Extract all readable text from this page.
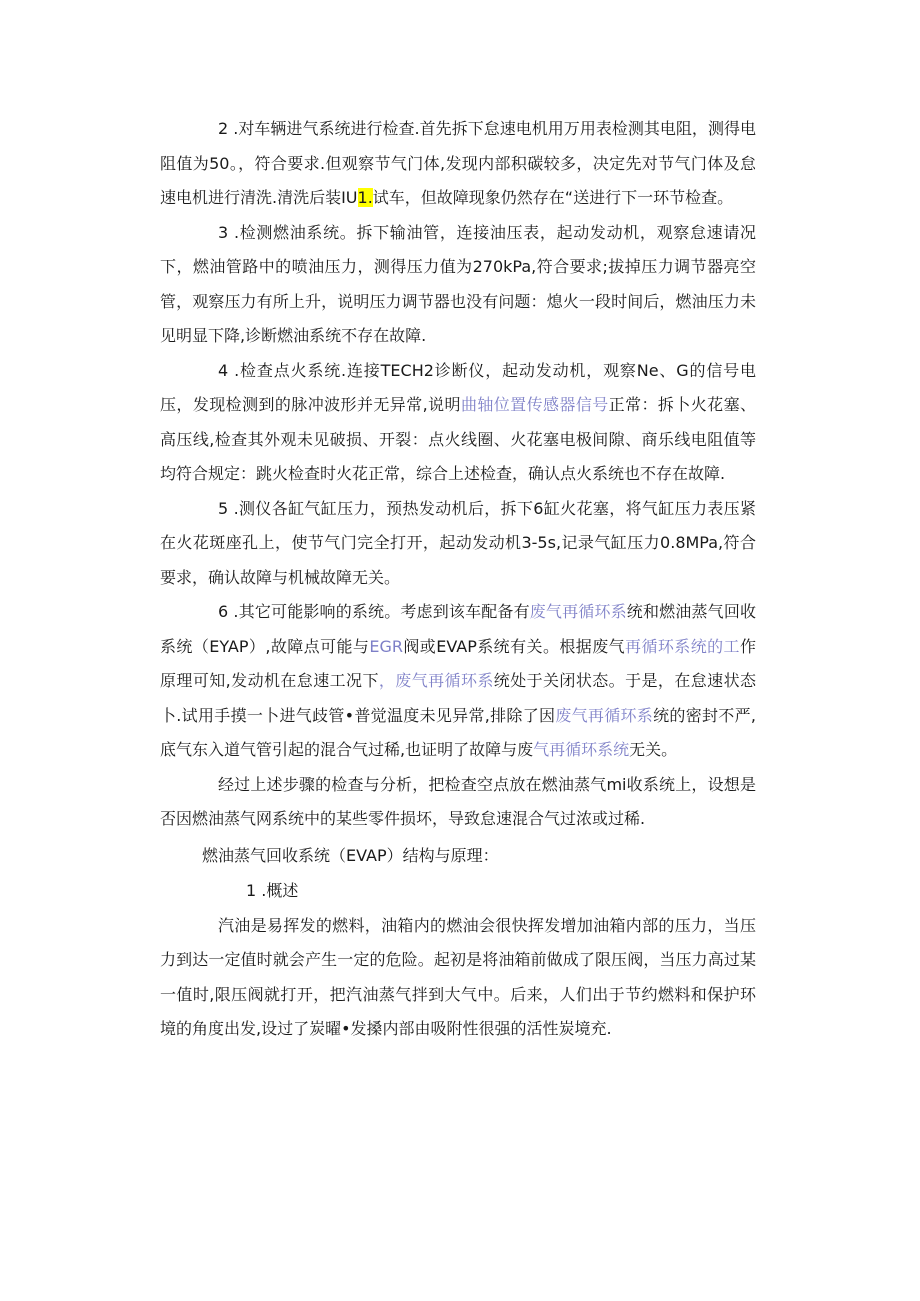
2 .对车辆进气系统进行检查.首先拆下怠速电机用万用表检测其电阻，测得电阻值为50。，符合要求.但观察节气门体,发现内部积碳较多，决定先对节气门体及怠速电机进行清洗.清洗后装IU1.试车，但故障现象仍然存在“送进行下一环节检查。

3 .检测燃油系统。拆下输油管，连接油压表，起动发动机，观察怠速请况下，燃油管路中的喷油压力，测得压力值为270kPa,符合要求;拔掉压力调节器亮空管，观察压力有所上升，说明压力调节器也没有问题：熄火一段时间后，燃油压力未见明显下降,诊断燃油系统不存在故障.

4 .检查点火系统.连接TECH2诊断仪，起动发动机，观察Ne、G的信号电压，发现检测到的脉冲波形并无异常,说明曲轴位置传感器信号正常：拆卜火花塞、高压线,检查其外观未见破损、开裂：点火线圈、火花塞电极间隙、商乐线电阻值等均符合规定：跳火检查时火花正常，综合上述检查，确认点火系统也不存在故障.

5 .测仪各缸气缸压力，预热发动机后，拆下6缸火花塞，将气缸压力表压紧在火花斑座孔上，使节气门完全打开，起动发动机3-5s,记录气缸压力0.8MPa,符合要求，确认故障与机械故障无关。

6 .其它可能影响的系统。考虑到该车配备有废气再循环系统和燃油蒸气回收系统（EYAP）,故障点可能与EGR阀或EVAP系统有关。根据废气再循环系统的工作原理可知,发动机在怠速工况下，废气再循环系统处于关闭状态。于是，在怠速状态卜.试用手摸一卜进气歧管•普觉温度未见异常,排除了因废气再循环系统的密封不严,底气东入道气管引起的混合气过稀,也证明了故障与废气再循环系统无关。

经过上述步骤的检查与分析，把检查空点放在燃油蒸气mi收系统上，设想是否因燃油蒸气网系统中的某些零件损坏，导致怠速混合气过浓或过稀.

燃油蒸气回收系统（EVAP）结构与原理：

1 .概述

汽油是易挥发的燃料，油箱内的燃油会很快挥发增加油箱内部的压力，当压力到达一定值时就会产生一定的危险。起初是将油箱前做成了限压阀，当压力高过某一值时,限压阀就打开，把汽油蒸气拌到大气中。后来，人们出于节约燃料和保护环境的角度出发,设过了炭曜•发搡内部由吸附性很强的活性炭境充.
